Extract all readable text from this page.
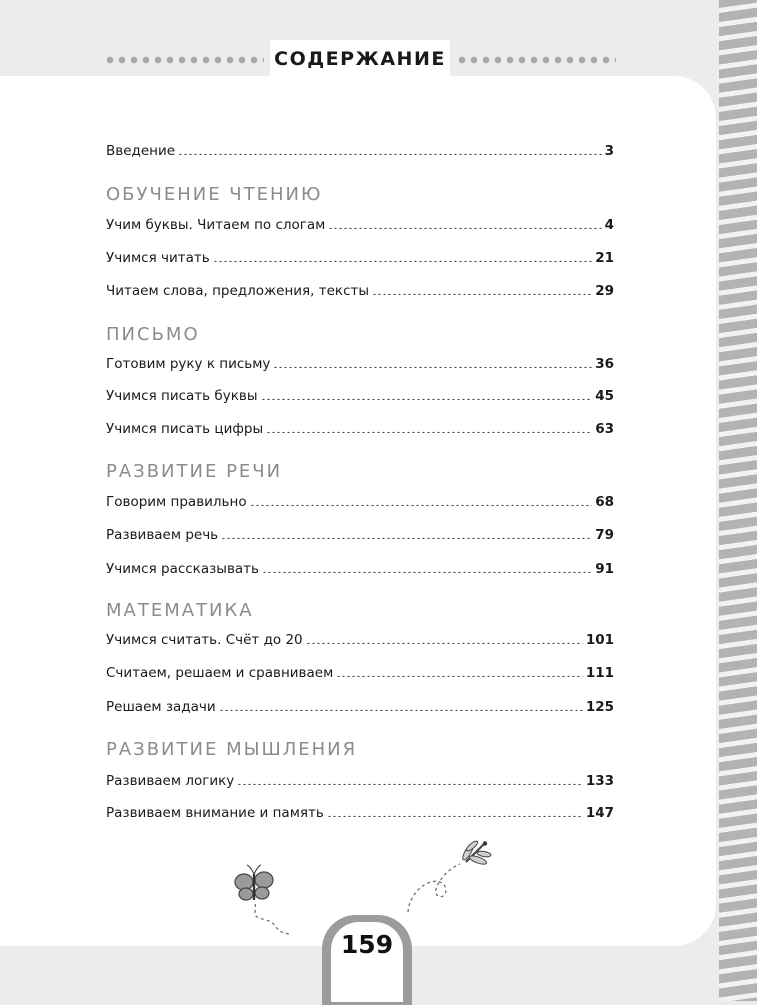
СОДЕРЖАНИЕ
Введение	3
ОБУЧЕНИЕ ЧТЕНИЮ
Учим буквы. Читаем по слогам	4
Учимся читать	21
Читаем слова, предложения, тексты	29
ПИСЬМО
Готовим руку к письму	36
Учимся писать буквы	45
Учимся писать цифры	63
РАЗВИТИЕ РЕЧИ
Говорим правильно	68
Развиваем речь	79
Учимся рассказывать	91
МАТЕМАТИКА
Учимся считать. Счёт до 20	101
Считаем, решаем и сравниваем	111
Решаем задачи	125
РАЗВИТИЕ МЫШЛЕНИЯ
Развиваем логику	133
Развиваем внимание и память	147
159
